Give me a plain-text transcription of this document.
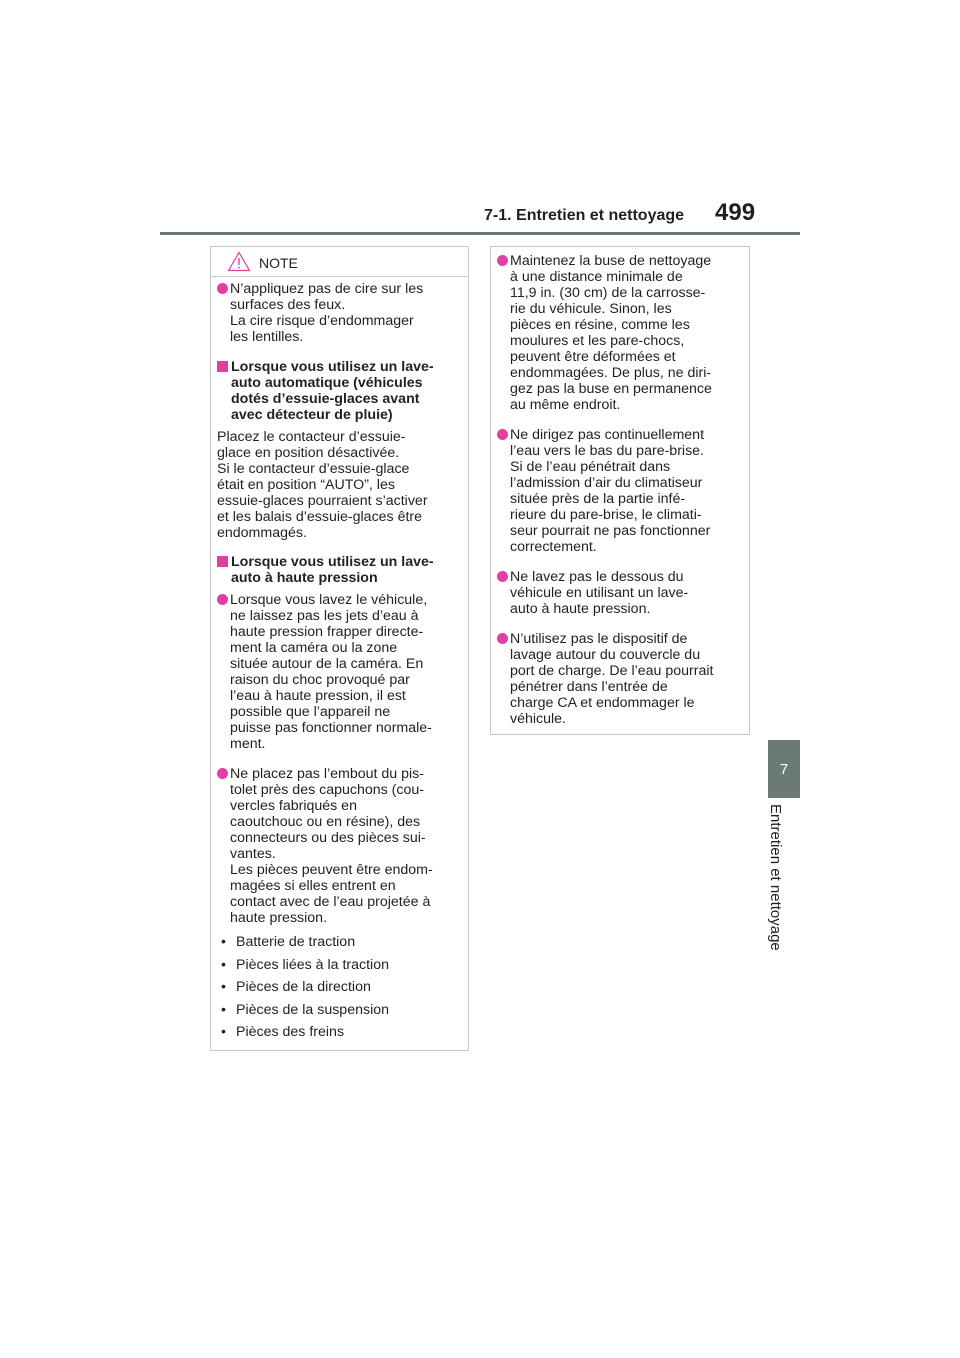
7-1. Entretien et nettoyage 499
7
Entretien et nettoyage
NOTE
N’appliquez pas de cire sur les
surfaces des feux.
La cire risque d’endommager
les lentilles.
Lorsque vous utilisez un lave-
auto automatique (véhicules
dotés d’essuie-glaces avant
avec détecteur de pluie)
Placez le contacteur d’essuie-
glace en position désactivée.
Si le contacteur d’essuie-glace
était en position “AUTO”, les
essuie-glaces pourraient s’activer
et les balais d’essuie-glaces être
endommagés.
Lorsque vous utilisez un lave-
auto à haute pression
Lorsque vous lavez le véhicule,
ne laissez pas les jets d’eau à
haute pression frapper directe-
ment la caméra ou la zone
située autour de la caméra. En
raison du choc provoqué par
l’eau à haute pression, il est
possible que l’appareil ne
puisse pas fonctionner normale-
ment.
Ne placez pas l’embout du pis-
tolet près des capuchons (cou-
vercles fabriqués en
caoutchouc ou en résine), des
connecteurs ou des pièces sui-
vantes.
Les pièces peuvent être endom-
magées si elles entrent en
contact avec de l’eau projetée à
haute pression.
• Batterie de traction
• Pièces liées à la traction
• Pièces de la direction
• Pièces de la suspension
• Pièces des freins
Maintenez la buse de nettoyage
à une distance minimale de
11,9 in. (30 cm) de la carrosse-
rie du véhicule. Sinon, les
pièces en résine, comme les
moulures et les pare-chocs,
peuvent être déformées et
endommagées. De plus, ne diri-
gez pas la buse en permanence
au même endroit.
Ne dirigez pas continuellement
l’eau vers le bas du pare-brise.
Si de l’eau pénétrait dans
l’admission d’air du climatiseur
située près de la partie infé-
rieure du pare-brise, le climati-
seur pourrait ne pas fonctionner
correctement.
Ne lavez pas le dessous du
véhicule en utilisant un lave-
auto à haute pression.
N’utilisez pas le dispositif de
lavage autour du couvercle du
port de charge. De l’eau pourrait
pénétrer dans l’entrée de
charge CA et endommager le
véhicule.
